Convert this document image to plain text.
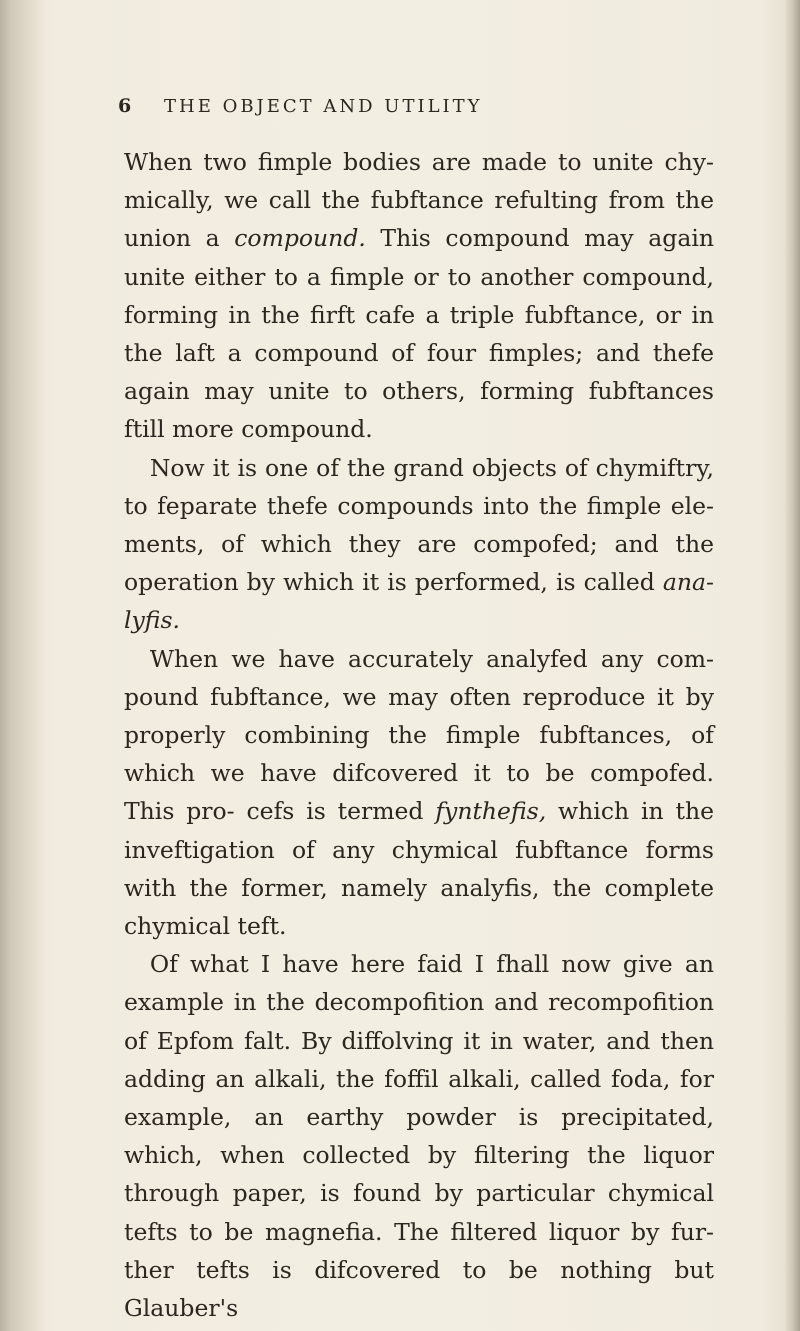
6	THE OBJECT AND UTILITY

When two fimple bodies are made to unite chy- mically, we call the fubftance refulting from the union a compound. This compound may again unite either to a fimple or to another compound, forming in the firft cafe a triple fubftance, or in the laft a compound of four fimples; and thefe again may unite to others, forming fubftances ftill more compound.

Now it is one of the grand objects of chymiftry, to feparate thefe compounds into the fimple ele- ments, of which they are compofed; and the operation by which it is performed, is called ana- lyfis.

When we have accurately analyfed any com- pound fubftance, we may often reproduce it by properly combining the fimple fubftances, of which we have difcovered it to be compofed. This pro- cefs is termed fynthefis, which in the inveftigation of any chymical fubftance forms with the former, namely analyfis, the complete chymical teft.

Of what I have here faid I fhall now give an example in the decompofition and recompofition of Epfom falt. By diffolving it in water, and then adding an alkali, the foffil alkali, called foda, for example, an earthy powder is precipitated, which, when collected by filtering the liquor through paper, is found by particular chymical tefts to be magnefia. The filtered liquor by fur- ther tefts is difcovered to be nothing but Glauber's
